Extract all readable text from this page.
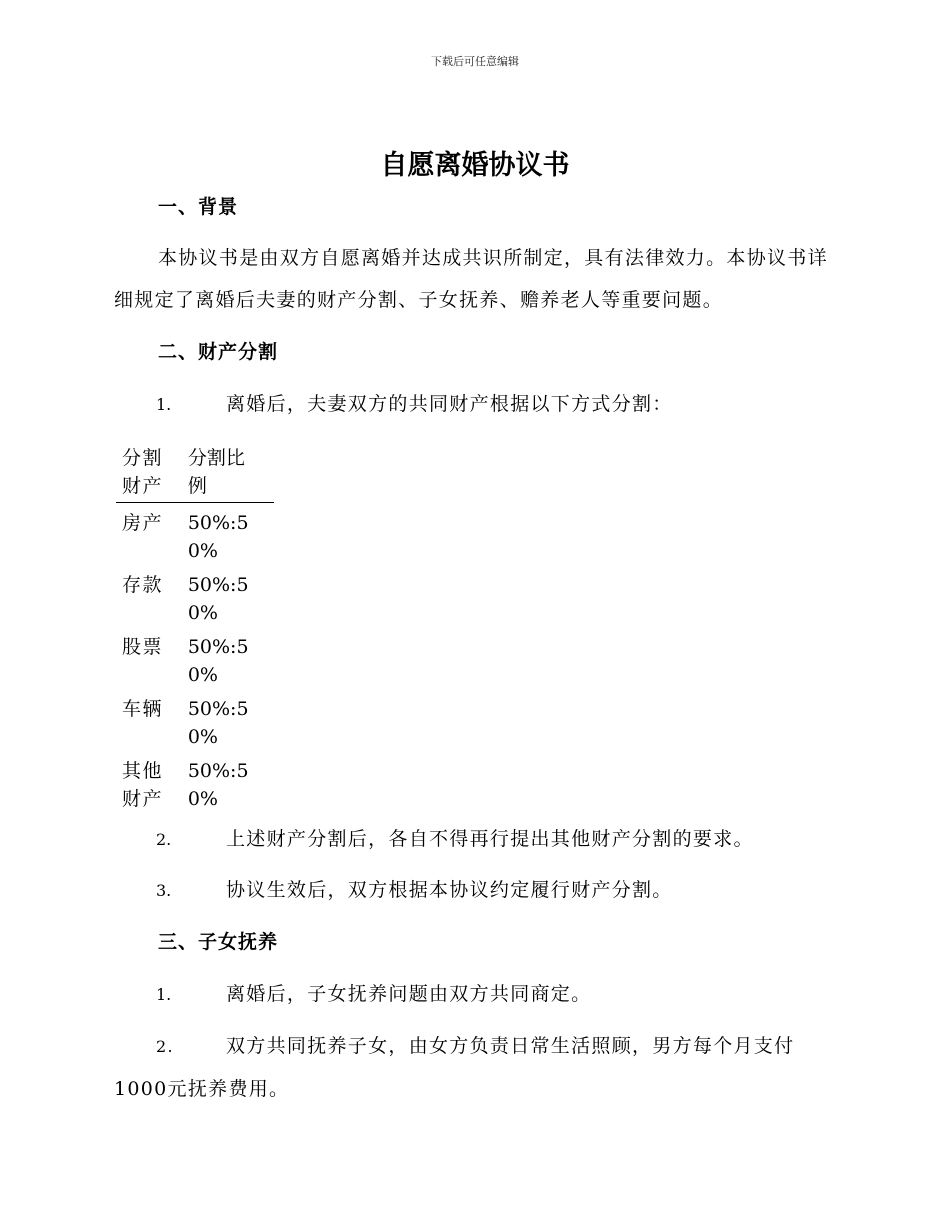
下载后可任意编辑
自愿离婚协议书
一、背景
本协议书是由双方自愿离婚并达成共识所制定，具有法律效力。本协议书详细规定了离婚后夫妻的财产分割、子女抚养、赡养老人等重要问题。
二、财产分割
1.	离婚后，夫妻双方的共同财产根据以下方式分割：
分割财产	分割比例

房产	50%:50%

存款	50%:50%

股票	50%:50%

车辆	50%:50%

其他财产	50%:50%
2.	上述财产分割后，各自不得再行提出其他财产分割的要求。
3.	协议生效后，双方根据本协议约定履行财产分割。
三、子女抚养
1.	离婚后，子女抚养问题由双方共同商定。
2.	双方共同抚养子女，由女方负责日常生活照顾，男方每个月支付1000元抚养费用。
